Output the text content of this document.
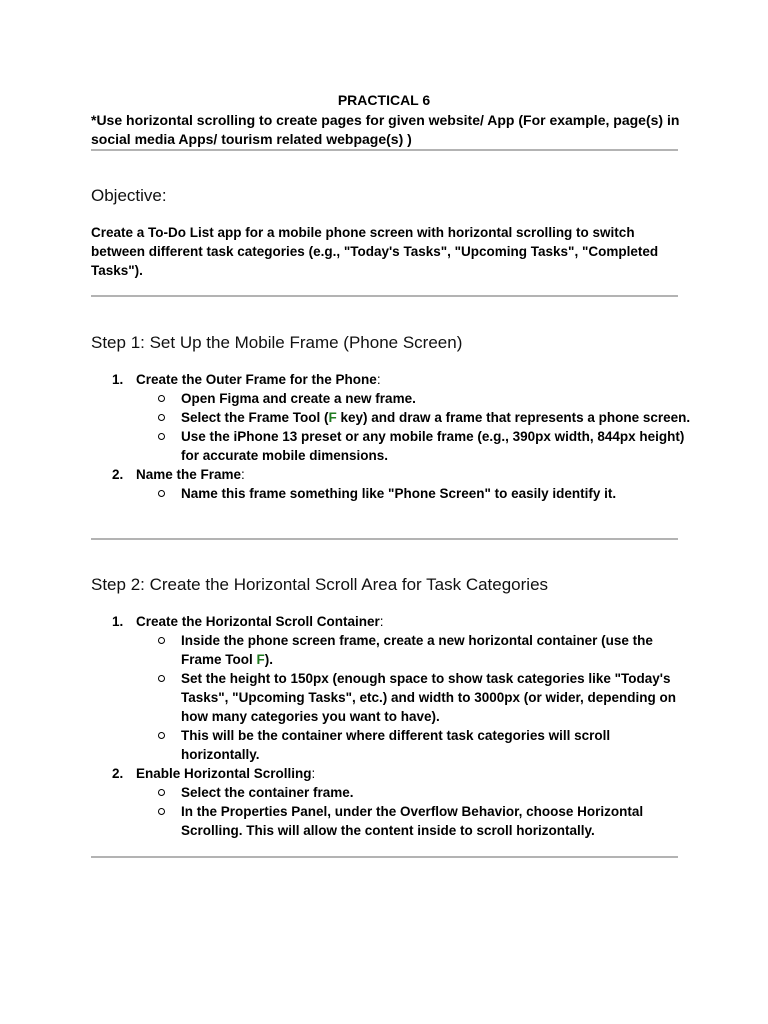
PRACTICAL 6
*Use horizontal scrolling to create pages for given website/ App (For example, page(s) in social media Apps/ tourism related webpage(s) )
Objective:
Create a To-Do List app for a mobile phone screen with horizontal scrolling to switch between different task categories (e.g., "Today's Tasks", "Upcoming Tasks", "Completed Tasks").
Step 1: Set Up the Mobile Frame (Phone Screen)
1. Create the Outer Frame for the Phone:
Open Figma and create a new frame.
Select the Frame Tool (F key) and draw a frame that represents a phone screen.
Use the iPhone 13 preset or any mobile frame (e.g., 390px width, 844px height) for accurate mobile dimensions.
2. Name the Frame:
Name this frame something like "Phone Screen" to easily identify it.
Step 2: Create the Horizontal Scroll Area for Task Categories
1. Create the Horizontal Scroll Container:
Inside the phone screen frame, create a new horizontal container (use the Frame Tool F).
Set the height to 150px (enough space to show task categories like "Today's Tasks", "Upcoming Tasks", etc.) and width to 3000px (or wider, depending on how many categories you want to have).
This will be the container where different task categories will scroll horizontally.
2. Enable Horizontal Scrolling:
Select the container frame.
In the Properties Panel, under the Overflow Behavior, choose Horizontal Scrolling. This will allow the content inside to scroll horizontally.
